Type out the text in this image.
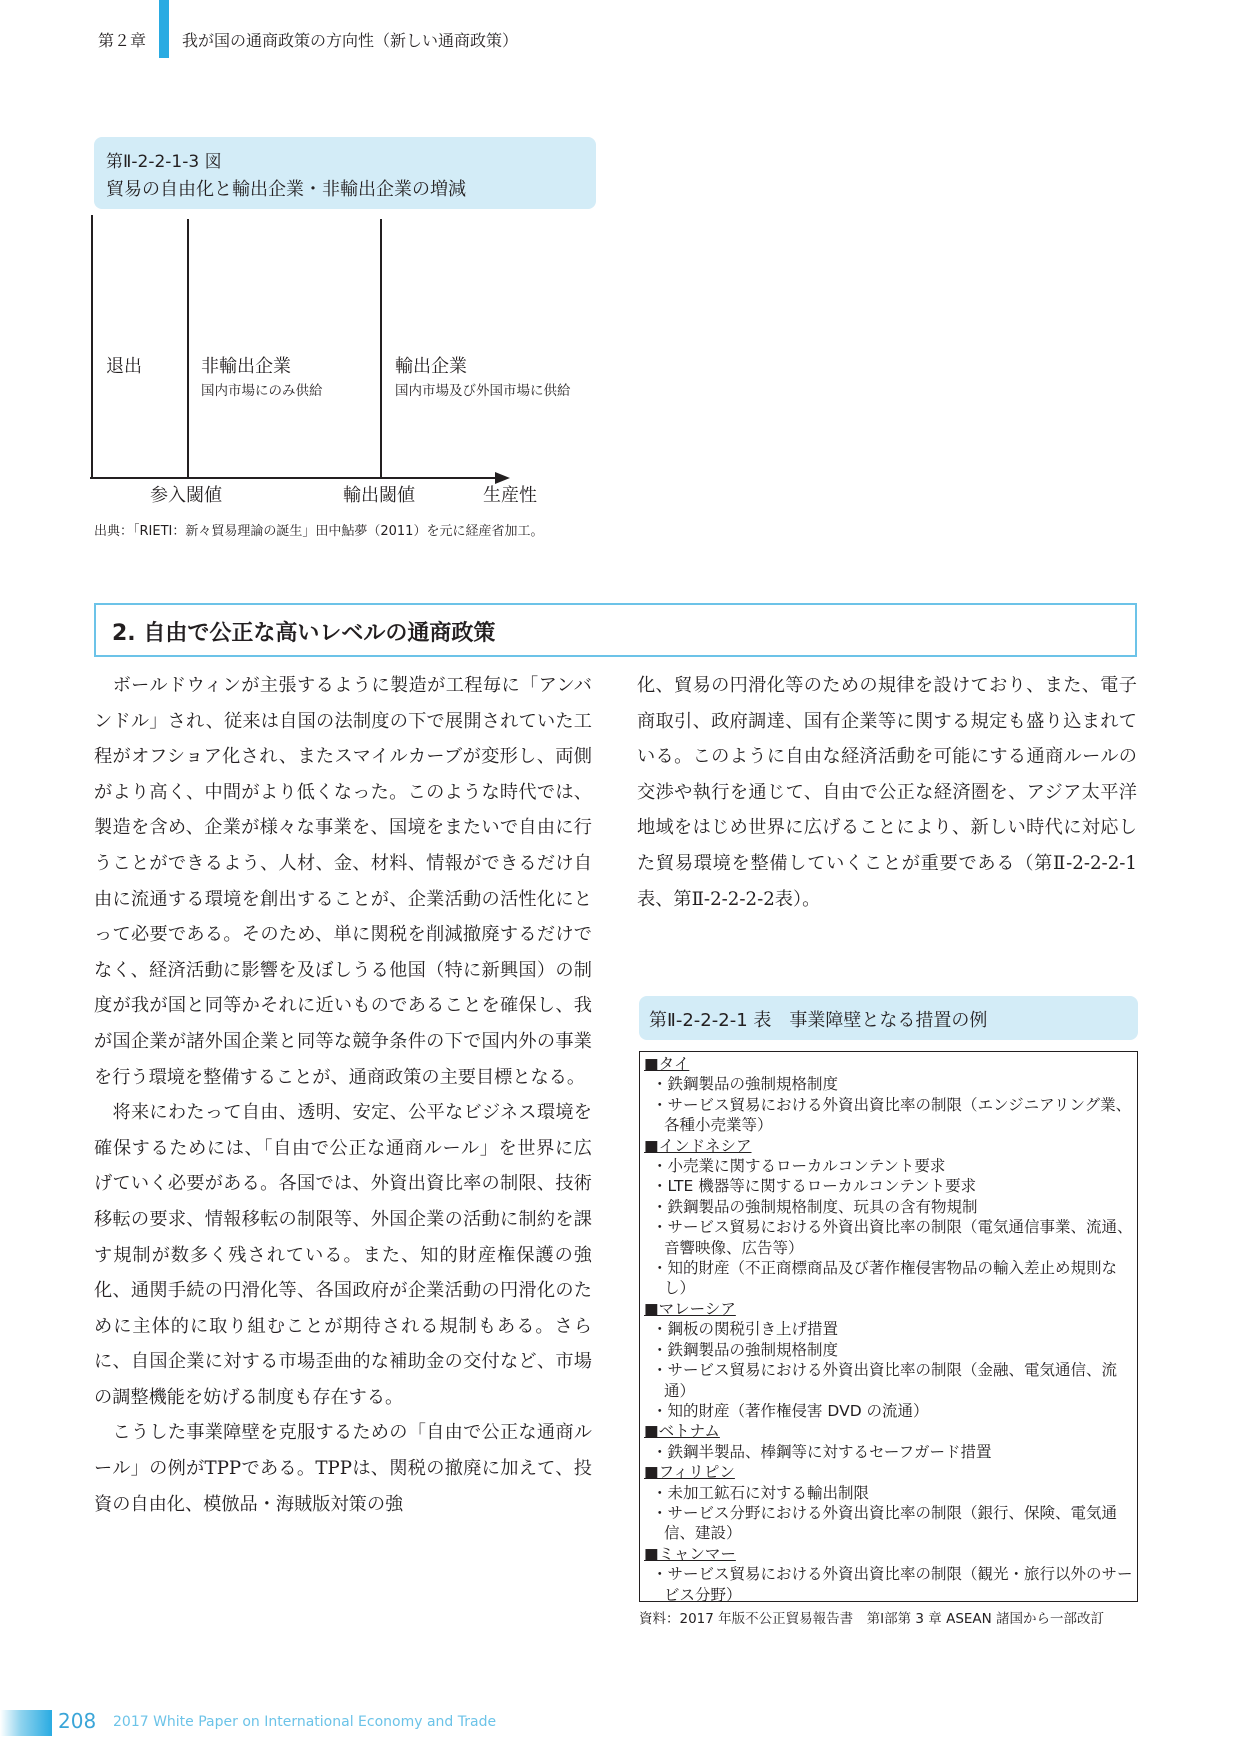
第２章 我が国の通商政策の方向性（新しい通商政策）
第Ⅱ-2-2-1-3 図
貿易の自由化と輸出企業・非輸出企業の増減
退出	非輸出企業
国内市場にのみ供給
輸出企業
国内市場及び外国市場に供給
参入閾値	輸出閾値	生産性
出典：「RIETI：新々貿易理論の誕生」田中鮎夢（2011）を元に経産省加工。
2. 自由で公正な高いレベルの通商政策

　ボールドウィンが主張するように製造が工程毎に「アンバンドル」され、従来は自国の法制度の下で展開されていた工程がオフショア化され、またスマイルカーブが変形し、両側がより高く、中間がより低くなった。このような時代では、製造を含め、企業が様々な事業を、国境をまたいで自由に行うことができるよう、人材、金、材料、情報ができるだけ自由に流通する環境を創出することが、企業活動の活性化にとって必要である。そのため、単に関税を削減撤廃するだけでなく、経済活動に影響を及ぼしうる他国（特に新興国）の制度が我が国と同等かそれに近いものであることを確保し、我が国企業が諸外国企業と同等な競争条件の下で国内外の事業を行う環境を整備することが、通商政策の主要目標となる。

　将来にわたって自由、透明、安定、公平なビジネス環境を確保するためには、「自由で公正な通商ルール」を世界に広げていく必要がある。各国では、外資出資比率の制限、技術移転の要求、情報移転の制限等、外国企業の活動に制約を課す規制が数多く残されている。また、知的財産権保護の強化、通関手続の円滑化等、各国政府が企業活動の円滑化のために主体的に取り組むことが期待される規制もある。さらに、自国企業に対する市場歪曲的な補助金の交付など、市場の調整機能を妨げる制度も存在する。

　こうした事業障壁を克服するための「自由で公正な通商ルール」の例がTPPである。TPPは、関税の撤廃に加えて、投資の自由化、模倣品・海賊版対策の強

化、貿易の円滑化等のための規律を設けており、また、電子商取引、政府調達、国有企業等に関する規定も盛り込まれている。このように自由な経済活動を可能にする通商ルールの交渉や執行を通じて、自由で公正な経済圏を、アジア太平洋地域をはじめ世界に広げることにより、新しい時代に対応した貿易環境を整備していくことが重要である（第Ⅱ-2-2-2-1表、第Ⅱ-2-2-2-2表）。

第Ⅱ-2-2-2-1 表　事業障壁となる措置の例
■タイ
・鉄鋼製品の強制規格制度
・サービス貿易における外資出資比率の制限（エンジニアリング業、各種小売業等）
■インドネシア
・小売業に関するローカルコンテント要求
・LTE 機器等に関するローカルコンテント要求
・鉄鋼製品の強制規格制度、玩具の含有物規制
・サービス貿易における外資出資比率の制限（電気通信事業、流通、音響映像、広告等）
・知的財産（不正商標商品及び著作権侵害物品の輸入差止め規則なし）
■マレーシア
・鋼板の関税引き上げ措置
・鉄鋼製品の強制規格制度
・サービス貿易における外資出資比率の制限（金融、電気通信、流通）
・知的財産（著作権侵害 DVD の流通）
■ベトナム
・鉄鋼半製品、棒鋼等に対するセーフガード措置
■フィリピン
・未加工鉱石に対する輸出制限
・サービス分野における外資出資比率の制限（銀行、保険、電気通信、建設）
■ミャンマー
・サービス貿易における外資出資比率の制限（観光・旅行以外のサービス分野）
資料：2017 年版不公正貿易報告書　第Ⅰ部第 3 章 ASEAN 諸国から一部改訂
208 2017 White Paper on International Economy and Trade
